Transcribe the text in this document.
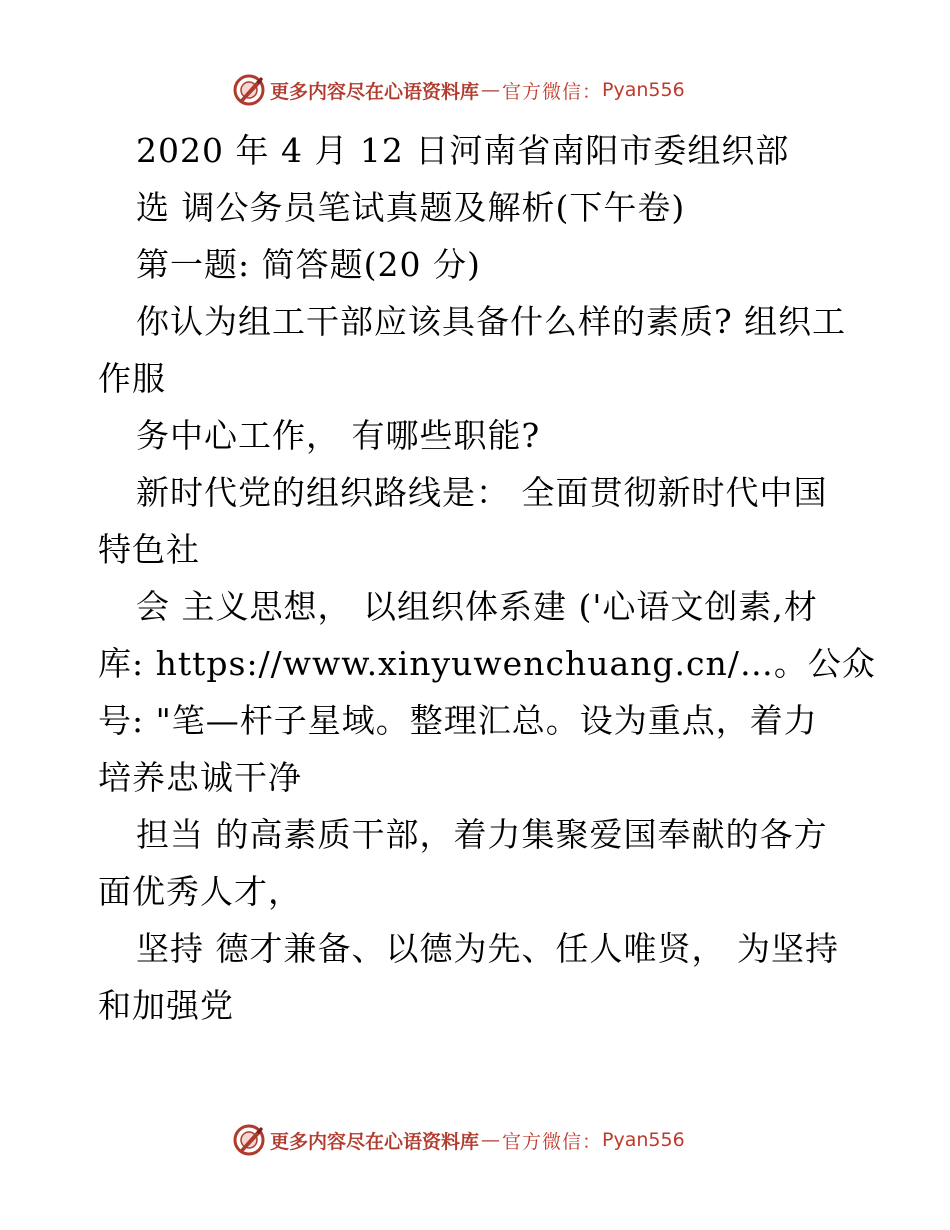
更多内容尽在心语资料库 — 官方微信： Pyan556
2020 年 4 月 12 日河南省南阳市委组织部
选 调公务员笔试真题及解析(下午卷)
第一题: 简答题(20 分)
你认为组工干部应该具备什么样的素质? 组织工
作服
务中心工作， 有哪些职能?
新时代党的组织路线是： 全面贯彻新时代中国
特色社
会 主义思想， 以组织体系建 ('心语文创素,材
库: https://www.xinyuwenchuang.cn/…。公众
号: "笔—杆子星域。整理汇总。设为重点，着力
培养忠诚干净
担当 的高素质干部，着力集聚爱国奉献的各方
面优秀人才，
坚持 德才兼备、以德为先、任人唯贤， 为坚持
和加强党
更多内容尽在心语资料库 — 官方微信： Pyan556
